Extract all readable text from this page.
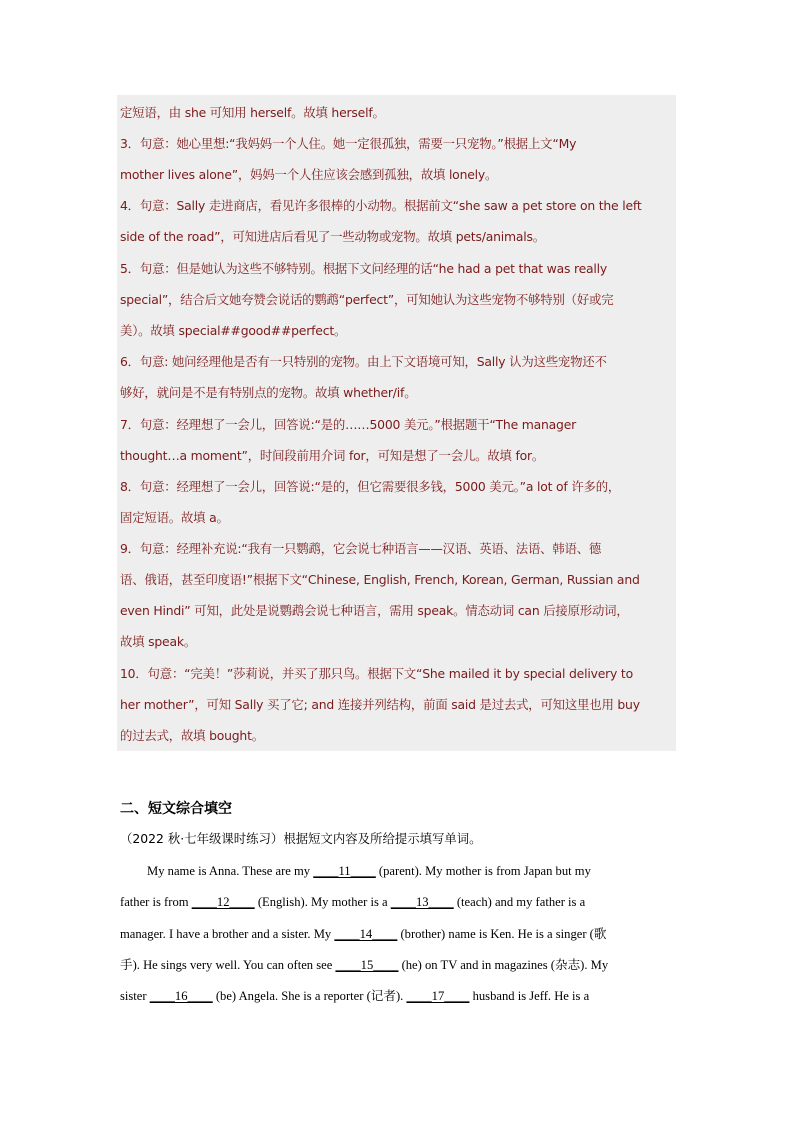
定短语，由 she 可知用 herself。故填 herself。
3．句意：她心里想:“我妈妈一个人住。她一定很孤独，需要一只宠物。”根据上文“My
mother lives alone”，妈妈一个人住应该会感到孤独，故填 lonely。
4．句意：Sally 走进商店，看见许多很棒的小动物。根据前文“she saw a pet store on the left
side of the road”，可知进店后看见了一些动物或宠物。故填 pets/animals。
5．句意：但是她认为这些不够特别。根据下文问经理的话“he had a pet that was really
special”，结合后文她夸赞会说话的鹦鹉“perfect”，可知她认为这些宠物不够特别（好或完
美）。故填 special##good##perfect。
6．句意: 她问经理他是否有一只特别的宠物。由上下文语境可知，Sally 认为这些宠物还不
够好，就问是不是有特别点的宠物。故填 whether/if。
7．句意：经理想了一会儿，回答说:“是的……5000 美元。”根据题干“The manager
thought…a moment”，时间段前用介词 for，可知是想了一会儿。故填 for。
8．句意：经理想了一会儿，回答说:“是的，但它需要很多钱，5000 美元。”a lot of 许多的，
固定短语。故填 a。
9．句意：经理补充说:“我有一只鹦鹉，它会说七种语言——汉语、英语、法语、韩语、德
语、俄语，甚至印度语!”根据下文“Chinese, English, French, Korean, German, Russian and
even Hindi” 可知，此处是说鹦鹉会说七种语言，需用 speak。情态动词 can 后接原形动词，
故填 speak。
10．句意：“完美！”莎莉说，并买了那只鸟。根据下文“She mailed it by special delivery to
her mother”，可知 Sally 买了它; and 连接并列结构，前面 said 是过去式，可知这里也用 buy
的过去式，故填 bought。
二、短文综合填空
（2022 秋·七年级课时练习）根据短文内容及所给提示填写单词。
My name is Anna. These are my ____11____ (parent). My mother is from Japan but my
father is from ____12____ (English). My mother is a ____13____ (teach) and my father is a
manager. I have a brother and a sister. My ____14____ (brother) name is Ken. He is a singer (歌
手). He sings very well. You can often see ____15____ (he) on TV and in magazines (杂志). My
sister ____16____ (be) Angela. She is a reporter (记者). ____17____ husband is Jeff. He is a
